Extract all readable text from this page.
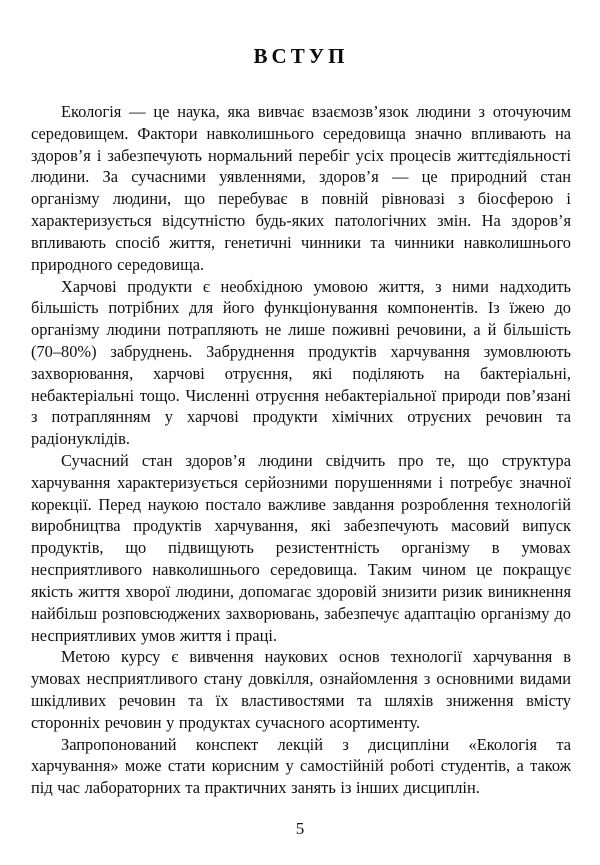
ВСТУП

Екологія — це наука, яка вивчає взаємозв’язок людини з оточуючим середовищем. Фактори навколишнього середовища значно впливають на здоров’я і забезпечують нормальний перебіг усіх процесів життєдіяльності людини. За сучасними уявленнями, здоров’я — це природний стан організму людини, що перебуває в повній рівновазі з біосферою і характеризується відсутністю будь-яких патологічних змін. На здоров’я впливають спосіб життя, генетичні чинники та чинники навколишнього природного середовища.

Харчові продукти є необхідною умовою життя, з ними надходить більшість потрібних для його функціонування компонентів. Із їжею до організму людини потрапляють не лише поживні речовини, а й більшість (70–80%) забруднень. Забруднення продуктів харчування зумовлюють захворювання, харчові отруєння, які поділяють на бактеріальні, небактеріальні тощо. Численні отруєння небактеріальної природи пов’язані з потраплянням у харчові продукти хімічних отруєних речовин та радіонуклідів.

Сучасний стан здоров’я людини свідчить про те, що структура харчування характеризується серйозними порушеннями і потребує значної корекції. Перед наукою постало важливе завдання розроблення технологій виробництва продуктів харчування, які забезпечують масовий випуск продуктів, що підвищують резистентність організму в умовах несприятливого навколишнього середовища. Таким чином це покращує якість життя хворої людини, допомагає здоровій знизити ризик виникнення найбільш розповсюджених захворювань, забезпечує адаптацію організму до несприятливих умов життя і праці.

Метою курсу є вивчення наукових основ технології харчування в умовах несприятливого стану довкілля, ознайомлення з основними видами шкідливих речовин та їх властивостями та шляхів зниження вмісту сторонніх речовин у продуктах сучасного асортименту.

Запропонований конспект лекцій з дисципліни «Екологія та харчування» може стати корисним у самостійній роботі студентів, а також під час лабораторних та практичних занять із інших дисциплін.

5
